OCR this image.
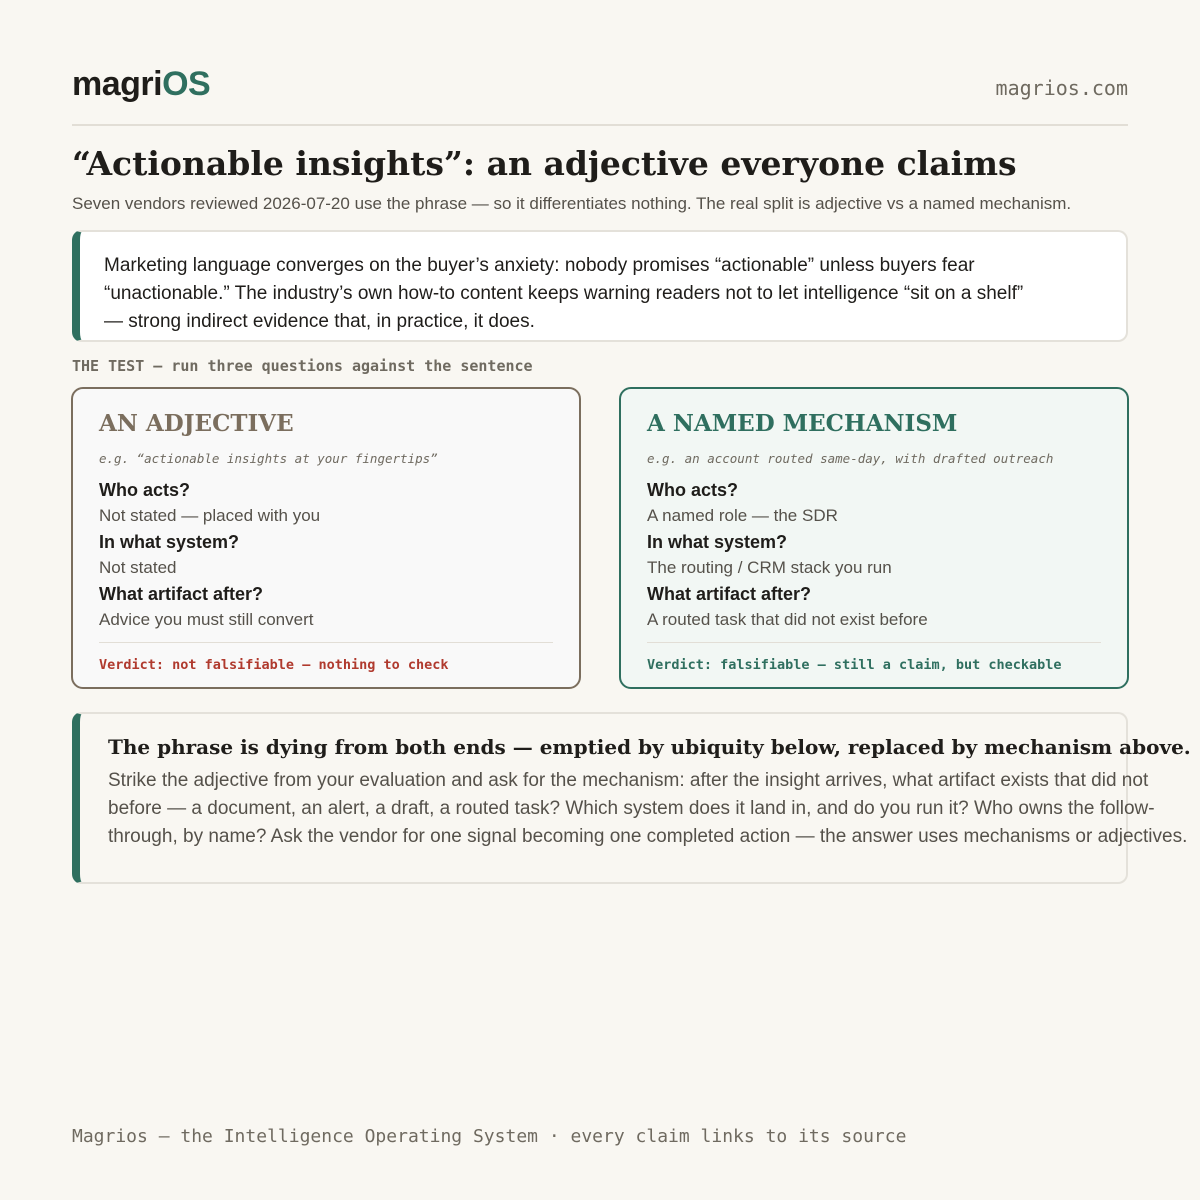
magriOS	magrios.com
“Actionable insights”: an adjective everyone claims
Seven vendors reviewed 2026-07-20 use the phrase — so it differentiates nothing. The real split is adjective vs a named mechanism.

Marketing language converges on the buyer’s anxiety: nobody promises “actionable” unless buyers fear “unactionable.” The industry’s own how-to content keeps warning readers not to let intelligence “sit on a shelf” — strong indirect evidence that, in practice, it does.

THE TEST — run three questions against the sentence
AN ADJECTIVE
e.g. “actionable insights at your fingertips”

Who acts?

Not stated — placed with you

In what system?

Not stated

What artifact after?

Advice you must still convert

Verdict: not falsifiable — nothing to check
A NAMED MECHANISM
e.g. an account routed same-day, with drafted outreach

Who acts?

A named role — the SDR

In what system?

The routing / CRM stack you run

What artifact after?

A routed task that did not exist before

Verdict: falsifiable — still a claim, but checkable
The phrase is dying from both ends — emptied by ubiquity below, replaced by mechanism above.
Strike the adjective from your evaluation and ask for the mechanism: after the insight arrives, what artifact exists that did not before — a document, an alert, a draft, a routed task? Which system does it land in, and do you run it? Who owns the follow-through, by name? Ask the vendor for one signal becoming one completed action — the answer uses mechanisms or adjectives.
Magrios — the Intelligence Operating System · every claim links to its source
